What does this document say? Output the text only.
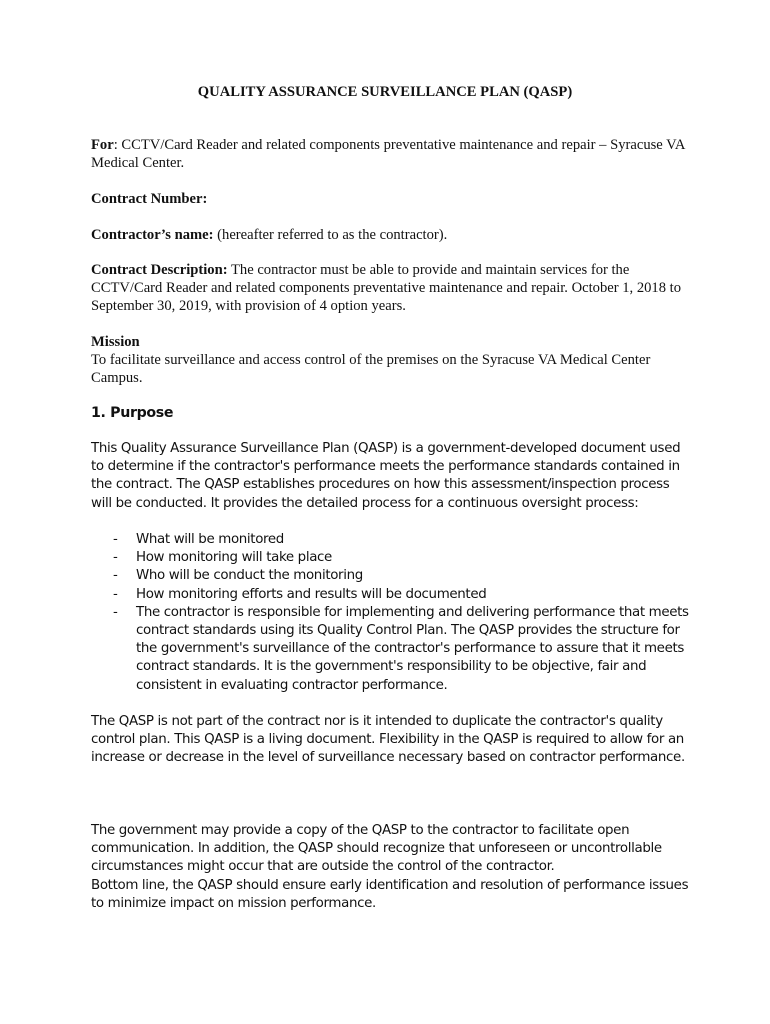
QUALITY ASSURANCE SURVEILLANCE PLAN (QASP)

For: CCTV/Card Reader and related components preventative maintenance and repair – Syracuse VA Medical Center.

Contract Number:

Contractor’s name: (hereafter referred to as the contractor).

Contract Description: The contractor must be able to provide and maintain services for the CCTV/Card Reader and related components preventative maintenance and repair. October 1, 2018 to September 30, 2019, with provision of 4 option years.

Mission

To facilitate surveillance and access control of the premises on the Syracuse VA Medical Center Campus.

1. Purpose

This Quality Assurance Surveillance Plan (QASP) is a government-developed document used to determine if the contractor's performance meets the performance standards contained in the contract. The QASP establishes procedures on how this assessment/inspection process will be conducted. It provides the detailed process for a continuous oversight process:

- What will be monitored
- How monitoring will take place
- Who will be conduct the monitoring
- How monitoring efforts and results will be documented
- The contractor is responsible for implementing and delivering performance that meets contract standards using its Quality Control Plan. The QASP provides the structure for the government's surveillance of the contractor's performance to assure that it meets contract standards. It is the government's responsibility to be objective, fair and consistent in evaluating contractor performance.

The QASP is not part of the contract nor is it intended to duplicate the contractor's quality control plan. This QASP is a living document. Flexibility in the QASP is required to allow for an increase or decrease in the level of surveillance necessary based on contractor performance.

The government may provide a copy of the QASP to the contractor to facilitate open communication. In addition, the QASP should recognize that unforeseen or uncontrollable circumstances might occur that are outside the control of the contractor.

Bottom line, the QASP should ensure early identification and resolution of performance issues to minimize impact on mission performance.
